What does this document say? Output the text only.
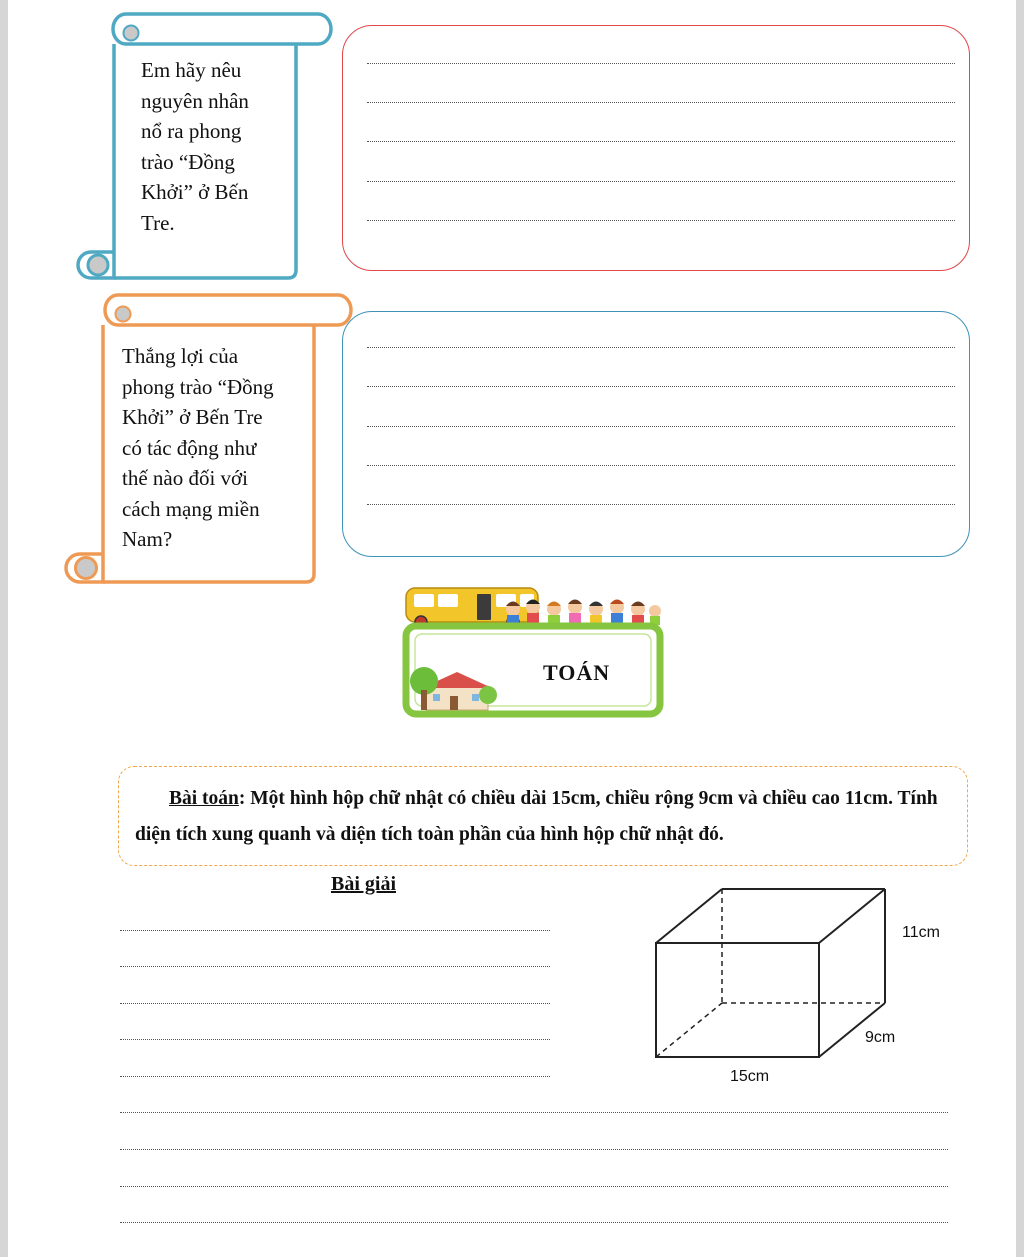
Em hãy nêu
nguyên nhân
nổ ra phong
trào “Đồng
Khởi” ở Bến
Tre.
Thắng lợi của
phong trào “Đồng
Khởi” ở Bến Tre
có tác động như
thế nào đối với
cách mạng miền
Nam?
TOÁN
Bài toán: Một hình hộp chữ nhật có chiều dài 15cm, chiều rộng 9cm và chiều cao 11cm. Tính diện tích xung quanh và diện tích toàn phần của hình hộp chữ nhật đó.
Bài giải
11cm
9cm
15cm
